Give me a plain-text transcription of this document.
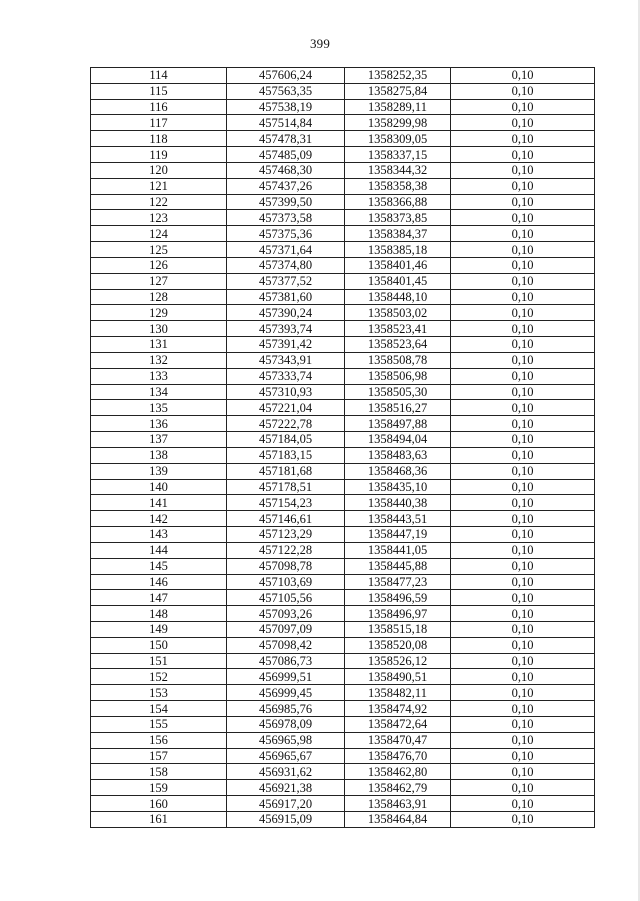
399
114	457606,24	1358252,35	0,10
115	457563,35	1358275,84	0,10
116	457538,19	1358289,11	0,10
117	457514,84	1358299,98	0,10
118	457478,31	1358309,05	0,10
119	457485,09	1358337,15	0,10
120	457468,30	1358344,32	0,10
121	457437,26	1358358,38	0,10
122	457399,50	1358366,88	0,10
123	457373,58	1358373,85	0,10
124	457375,36	1358384,37	0,10
125	457371,64	1358385,18	0,10
126	457374,80	1358401,46	0,10
127	457377,52	1358401,45	0,10
128	457381,60	1358448,10	0,10
129	457390,24	1358503,02	0,10
130	457393,74	1358523,41	0,10
131	457391,42	1358523,64	0,10
132	457343,91	1358508,78	0,10
133	457333,74	1358506,98	0,10
134	457310,93	1358505,30	0,10
135	457221,04	1358516,27	0,10
136	457222,78	1358497,88	0,10
137	457184,05	1358494,04	0,10
138	457183,15	1358483,63	0,10
139	457181,68	1358468,36	0,10
140	457178,51	1358435,10	0,10
141	457154,23	1358440,38	0,10
142	457146,61	1358443,51	0,10
143	457123,29	1358447,19	0,10
144	457122,28	1358441,05	0,10
145	457098,78	1358445,88	0,10
146	457103,69	1358477,23	0,10
147	457105,56	1358496,59	0,10
148	457093,26	1358496,97	0,10
149	457097,09	1358515,18	0,10
150	457098,42	1358520,08	0,10
151	457086,73	1358526,12	0,10
152	456999,51	1358490,51	0,10
153	456999,45	1358482,11	0,10
154	456985,76	1358474,92	0,10
155	456978,09	1358472,64	0,10
156	456965,98	1358470,47	0,10
157	456965,67	1358476,70	0,10
158	456931,62	1358462,80	0,10
159	456921,38	1358462,79	0,10
160	456917,20	1358463,91	0,10
161	456915,09	1358464,84	0,10
